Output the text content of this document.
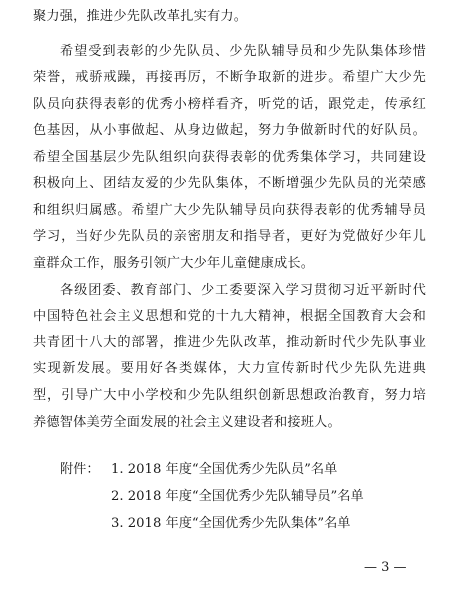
聚力强，推进少先队改革扎实有力。
希望受到表彰的少先队员、少先队辅导员和少先队集体珍惜
荣誉，戒骄戒躁，再接再厉，不断争取新的进步。希望广大少先
队员向获得表彰的优秀小榜样看齐，听党的话，跟党走，传承红
色基因，从小事做起、从身边做起，努力争做新时代的好队员。
希望全国基层少先队组织向获得表彰的优秀集体学习，共同建设
积极向上、团结友爱的少先队集体，不断增强少先队员的光荣感
和组织归属感。希望广大少先队辅导员向获得表彰的优秀辅导员
学习，当好少先队员的亲密朋友和指导者，更好为党做好少年儿
童群众工作，服务引领广大少年儿童健康成长。
各级团委、教育部门、少工委要深入学习贯彻习近平新时代
中国特色社会主义思想和党的十九大精神，根据全国教育大会和
共青团十八大的部署，推进少先队改革，推动新时代少先队事业
实现新发展。要用好各类媒体，大力宣传新时代少先队先进典
型，引导广大中小学校和少先队组织创新思想政治教育，努力培
养德智体美劳全面发展的社会主义建设者和接班人。
附件： 1. 2018 年度“全国优秀少先队员”名单
2. 2018 年度“全国优秀少先队辅导员”名单
3. 2018 年度“全国优秀少先队集体”名单
— 3 —
